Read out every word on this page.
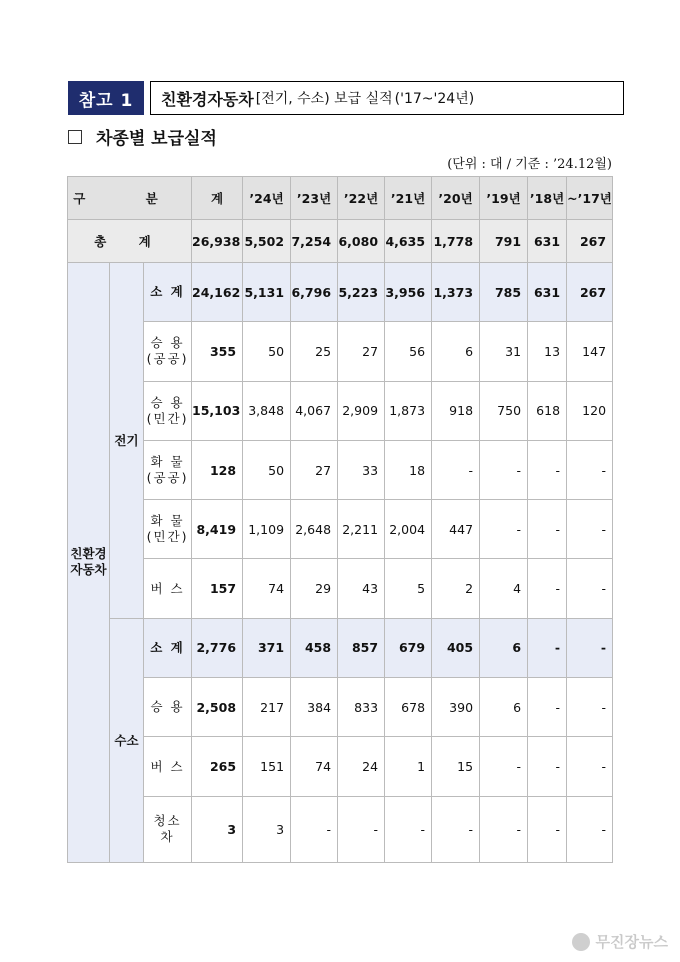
참고 1	친환경자동차 [전기, 수소) 보급 실적 ('17~'24년)
차종별 보급실적
(단위 : 대 / 기준 : ’24.12월)
구 분			계	’24년	’23년	’22년	’21년	’20년	’19년	’18년	~’17년
총 계			26,938	5,502	7,254	6,080	4,635	1,778	791	631	267
친환경 자동차	전기	소 계	24,162	5,131	6,796	5,223	3,956	1,373	785	631	267
		승 용 (공공)	355	50	25	27	56	6	31	13	147
		승 용 (민간)	15,103	3,848	4,067	2,909	1,873	918	750	618	120
		화 물 (공공)	128	50	27	33	18	-	-	-	-
		화 물 (민간)	8,419	1,109	2,648	2,211	2,004	447	-	-	-
		버 스	157	74	29	43	5	2	4	-	-
	수소	소 계	2,776	371	458	857	679	405	6	-	-
		승 용	2,508	217	384	833	678	390	6	-	-
		버 스	265	151	74	24	1	15	-	-	-
		청소차	3	3	-	-	-	-	-	-	-
무진장뉴스
